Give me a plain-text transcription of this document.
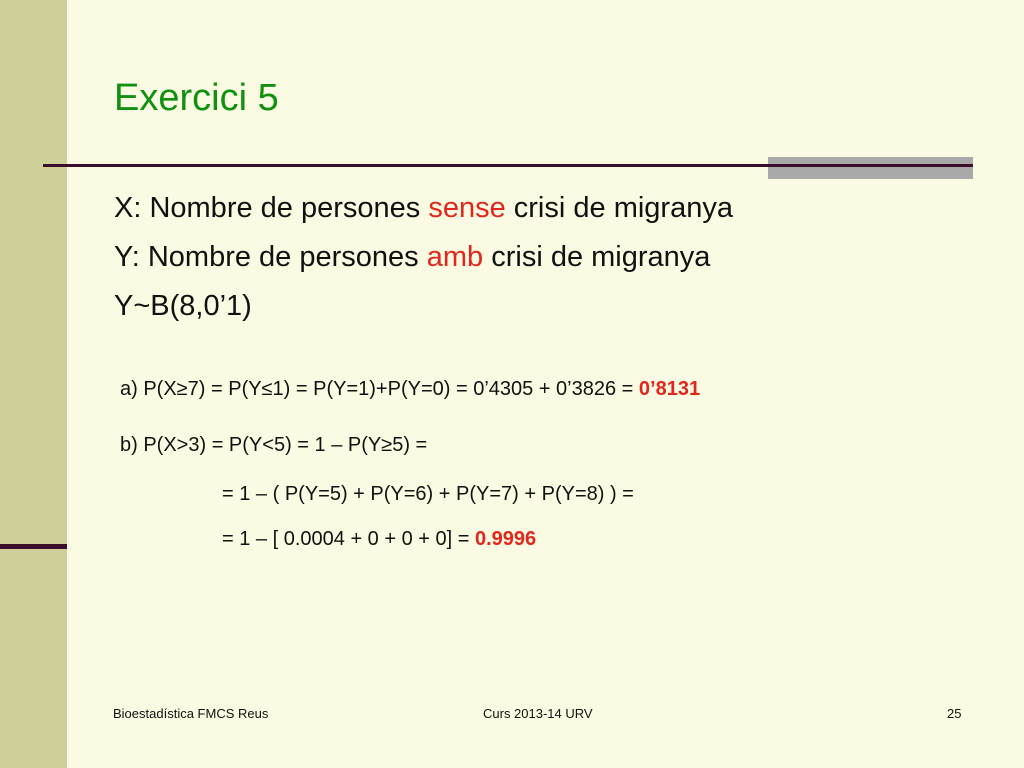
Exercici 5
X: Nombre de persones sense crisi de migranya
Y: Nombre de persones amb crisi de migranya
Y~B(8,0’1)
a) P(X≥7) = P(Y≤1) = P(Y=1)+P(Y=0) = 0’4305 + 0’3826 = 0’8131
b) P(X>3) = P(Y<5) = 1 – P(Y≥5) =
= 1 – ( P(Y=5) + P(Y=6) + P(Y=7) + P(Y=8) ) =
= 1 – [ 0.0004 + 0 + 0 + 0] = 0.9996
Bioestadística FMCS Reus	Curs 2013-14 URV	25
